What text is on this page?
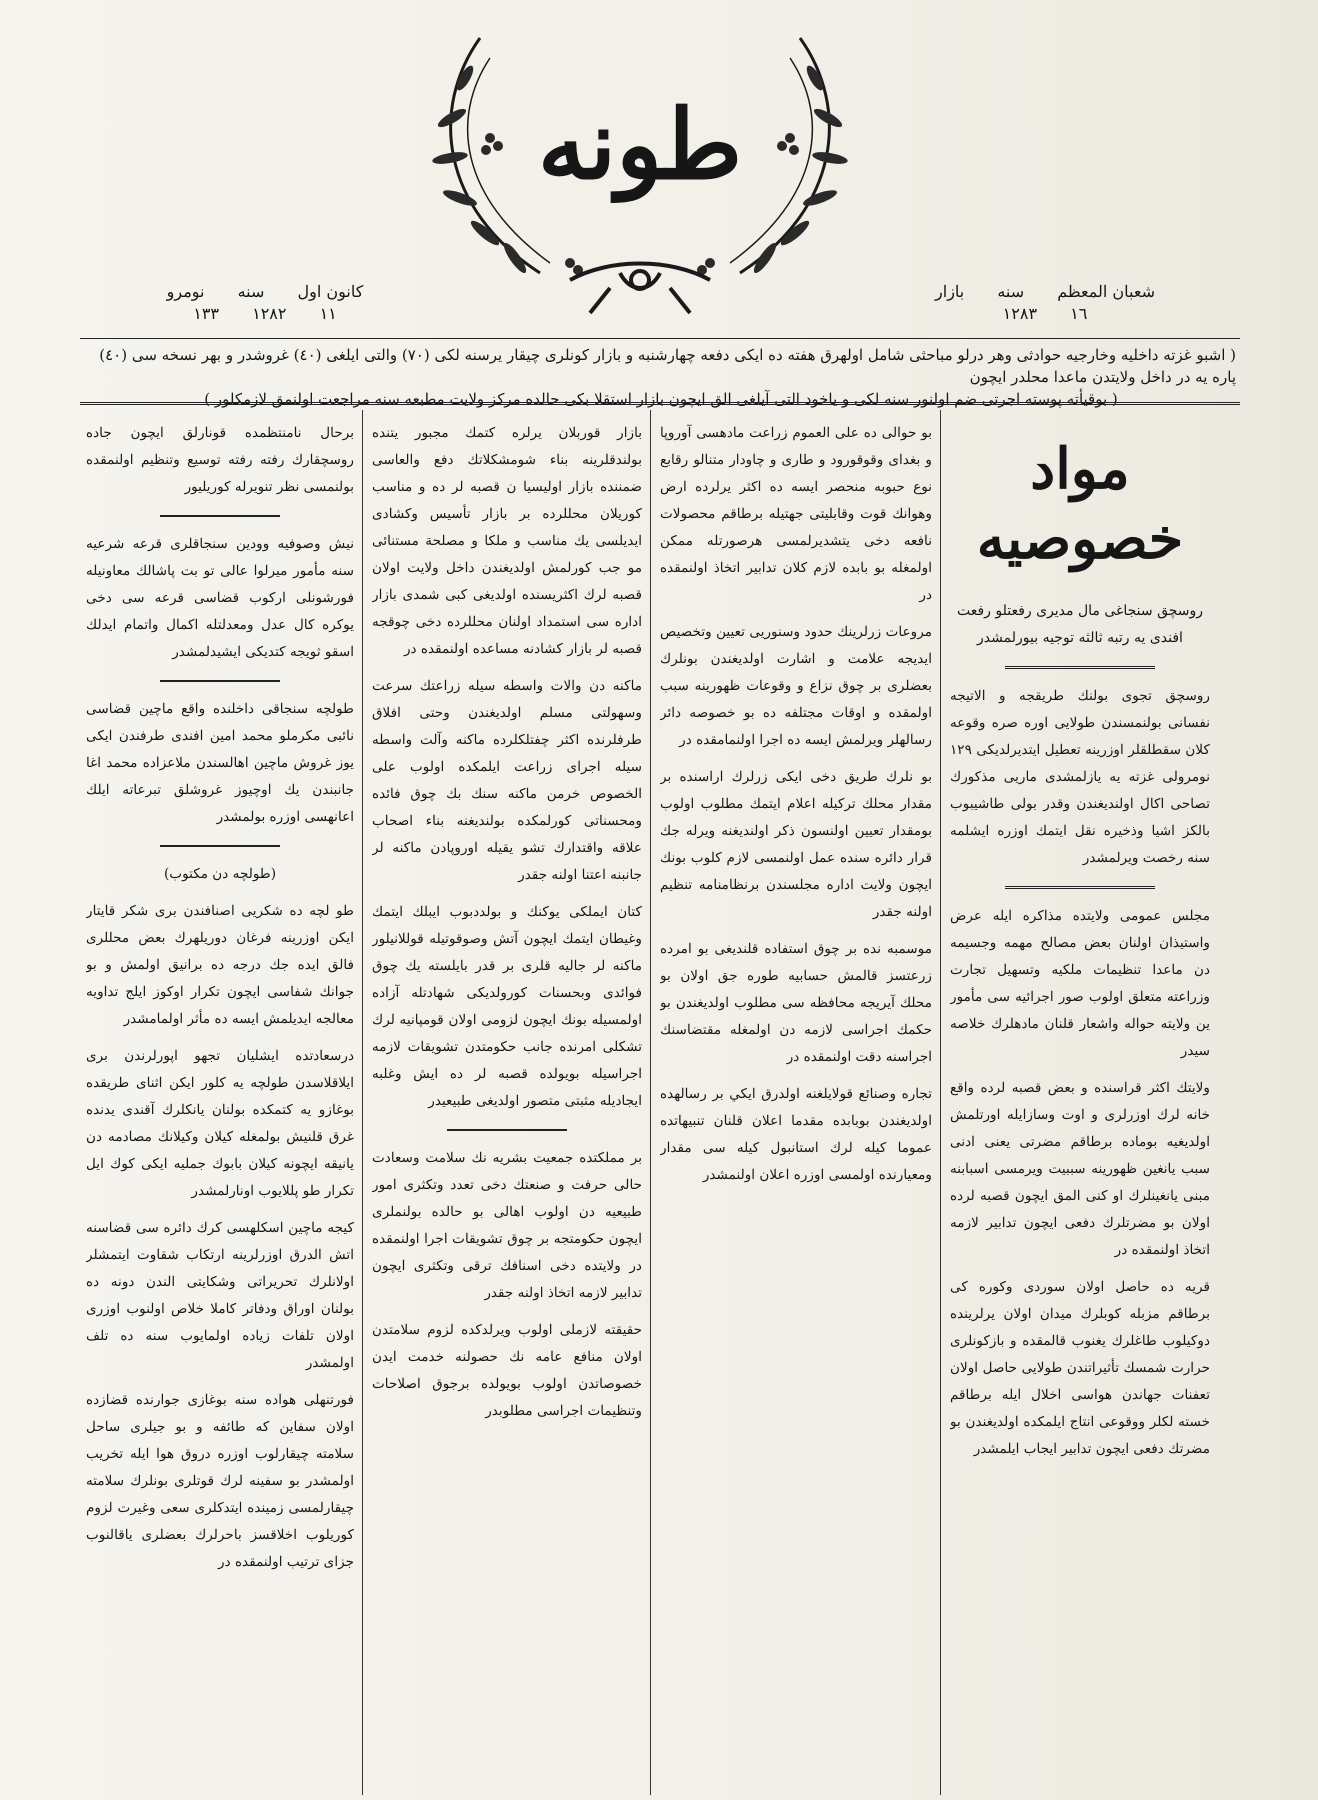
طونه
شعبان المعظم سنه بازار
١٦ ١٢٨٣
كانون اول سنه نومرو
١١ ١٢٨٢ ١٣٣
( اشبو غزته داخليه وخارجيه حوادثى وهر درلو مباحثى شامل اولهرق هفته ده ايكى دفعه چهارشنبه و بازار كونلرى چيقار يرسنه لكى (٧٠) والتى ايلغى (٤٠) غروشدر و بهر نسخه سى (٤٠) پاره يه در داخل ولايتدن ماعدا محلدر ايچون
( بوقيأته پوسته اجرتى ضم اولنور سنه لكى و ياخود التى آيلغى الق ايچون بازار استقلا بكى حالده مركز ولايت مطبعه سنه مراجعت اولنمق لازمكلور )
مواد خصوصيه
روسچق سنجاغى مال مديرى رفعتلو رفعت افندى يه رتبه ثالثه توجيه بيورلمشدر

روسچق تجوى بولنك طريقجه و الاتيجه نفسانى بولنمسندن طولايى اوره صره وقوعه كلان سقطلقلر اوزرينه تعطيل ايتديرلديكى ١٢٩ نومرولى غزته يه يازلمشدى ماريى مذكورك تصاحى اكال اولنديغندن وقدر بولى طاشيبوب بالكز اشيا وذخيره نقل ايتمك اوزره ايشلمه سنه رخصت ويرلمشدر

مجلس عمومى ولايتده مذاكره ايله عرض واستيذان اولنان بعض مصالح مهمه وجسيمه دن ماعدا تنظيمات ملكيه وتسهيل تجارت وزراعته متعلق اولوب صور اجرائيه سى مأمور ين ولايته حواله واشعار قلنان مادهلرك خلاصه سيدر

ولايتك اكثر قراسنده و بعض قصبه لرده واقع خانه لرك اوزرلرى و اوت وسازايله اورتلمش اولديغيه بوماده برطاقم مضرتى يعنى ادنى سبب يانغين ظهورينه سببيت ويرمسى اسبابنه مبنى يانغينلرك او كنى المق ايچون قصبه لرده اولان بو مضرتلرك دفعى ايچون تدابير لازمه اتخاذ اولنمقده در

قريه ده حاصل اولان سوردى وكوره كى برطاقم مزبله كوبلرك ميدان اولان يرلرينده دوكيلوب طاغلرك يغنوب قالمقده و بازكونلرى حرارت شمسك تأثيراتندن طولايى حاصل اولان تعفنات جهاندن هواسى اخلال ايله برطاقم خسته لكلر ووقوعى انتاج ايلمكده اولديغندن بو مضرتك دفعى ايچون تدابير ايجاب ايلمشدر

بو حوالى ده على العموم زراعت مادهسى آوروپا و بغداى وقوقورود و طارى و چاودار متنالو رقابع نوع حبوبه منحصر ايسه ده اكثر يرلرده ارض وهوانك قوت وقابليتى جهتيله برطاقم محصولات نافعه دخى يتشديرلمسى هرصورتله ممكن اولمغله بو بابده لازم كلان تدابير اتخاذ اولنمقده در

مروعات زرلرينك حدود وسنوريى تعيين وتخصيص ايديجه علامت و اشارت اولديغندن بونلرك بعضلرى بر چوق نزاع و وقوعات ظهورينه سبب اولمقده و اوقات مجتلفه ده بو خصوصه دائر رسالهلر ويرلمش ايسه ده اجرا اولنمامقده در

بو نلرك طريق دخى ايكى زرلرك اراسنده بر مقدار محلك تركيله اعلام ايتمك مطلوب اولوب بومقدار تعيين اولنسون ذكر اولنديغنه ويرله جك قرار دائره سنده عمل اولنمسى لازم كلوب بونك ايچون ولايت اداره مجلسندن برنظامنامه تنظيم اولنه جقدر

موسمبه نده بر چوق استفاده قلنديغى بو امرده زرعتسز قالمش حسابيه طوره جق اولان بو محلك آيريجه محافظه سى مطلوب اولديغندن بو حكمك اجراسى لازمه دن اولمغله مقتضاسنك اجراسنه دقت اولنمقده در

تجاره وصنائع قولايلغنه اولدرق ايكي بر رسالهده اولديغندن بوبابده مقدما اعلان قلنان تنبيهاتده عموما كيله لرك استانبول كيله سى مقدار ومعيارنده اولمسى اوزره اعلان اولنمشدر

بازار قوربلان يرلره كتمك مجبور يتنده بولندقلرينه بناء شومشكلاتك دفع والعاسى ضمننده بازار اوليسيا ن قصبه لر ده و مناسب كوريلان محللرده بر بازار تأسيس وكشادى ايديلسى يك مناسب و ملكا و مصلحة مستنائى مو جب كورلمش اولديغندن داخل ولايت اولان قصبه لرك اكثريسنده اولديغى كبى شمدى بازار اداره سى استمداد اولنان محللرده دخى چوقجه قصبه لر بازار كشادنه مساعده اولنمقده در

ماكنه دن والات واسطه سيله زراعتك سرعت وسهولتى مسلم اولديغندن وحتى افلاق طرفلرنده اكثر چفتلكلرده ماكنه وآلت واسطه سيله اجراى زراعت ايلمكده اولوب على الخصوص خرمن ماكنه سنك بك چوق فائده ومحسناتى كورلمكده بولنديغنه بناء اصحاب علاقه واقتدارك تشو يقيله اوروپادن ماكنه لر جانبنه اعتنا اولنه جقدر

كتان ايملكى يوكنك و بولددبوب ايبلك ايتمك وغيطان ايتمك ايچون آتش وصوقوتيله قوللانيلور ماكنه لر جاليه قلرى بر قدر بايلسته يك چوق فوائدى وبحسنات كورولديكى شهادتله آزاده اولمسيله بونك ايچون لزومى اولان قومپانيه لرك تشكلى امرنده جانب حكومتدن تشويقات لازمه اجراسيله بويولده قصبه لر ده ايش وغلبه ايجاديله مثبتى متصور اولديغى طبيعيدر

بر مملكتده جمعيت بشريه نك سلامت وسعادت حالى حرفت و صنعتك دخى تعدد وتكثرى امور طبيعيه دن اولوب اهالى بو حالده بولنملرى ايچون حكومتجه بر چوق تشويقات اجرا اولنمقده در ولايتده دخى اسنافك ترقى وتكثرى ايچون تدابير لازمه اتخاذ اولنه جقدر

حقيقته لازملى اولوب ويرلدكده لزوم سلامتدن اولان منافع عامه نك حصولنه خدمت ايدن خصوصاتدن اولوب بويولده برجوق اصلاحات وتنظيمات اجراسى مطلوبدر

برحال نامنتظمده قونارلق ايچون جاده روسچقارك رفته رفته توسيع وتنظيم اولنمقده بولنمسى نظر تنويرله كوريليور

نيش وصوفيه وودين سنجاقلرى قرعه شرعيه سنه مأمور ميرلوا عالى تو بت پاشالك معاونيله فورشونلى اركوب قضاسى قرعه سى دخى يوكره كال عدل ومعدلتله اكمال واتمام ايدلك اسقو ثويجه كتديكى ايشيدلمشدر

طولچه سنجاقى داخلنده واقع ماچين قضاسى نائبى مكرملو محمد امين افندى طرفندن ايكى يوز غروش ماچين اهالسندن ملاعزاده محمد اغا جانبندن يك اوچيوز غروشلق تبرعاته ايلك اعانهسى اوزره بولمشدر

(طولچه دن مكتوب)

طو لچه ده شكريى اصنافندن برى شكر قايتار ايكن اوزرينه فرغان دوريلهرك بعض محللرى فالق ايده جك درجه ده برانيق اولمش و بو جوانك شفاسى ايچون تكرار اوكوز ايلج تداويه معالجه ايديلمش ايسه ده مأثر اولمامشدر

درسعادتده ايشليان تجهو اپورلرندن برى ايلاقلاسدن طولچه يه كلور ايكن اثناى طريقده بوغازو يه كتمكده بولنان يانكلرك آقندى يدنده غرق قلنيش بولمغله كيلان وكيلانك مصادمه دن يانيقه ايچونه كيلان بابوك جمليه ايكى كوك ايل تكرار طو پللايوب اونارلمشدر

كيجه ماچين اسكلهسى كرك دائره سى قضاسنه اتش الدرق اوزرلرينه ارتكاب شقاوت ايتمشلر اولانلرك تحريراتى وشكايتى الندن دونه ده بولنان اوراق ودفاتر كاملا خلاص اولنوب اوزرى اولان تلفات زياده اولمايوب سنه ده تلف اولمشدر

فورتنهلى هواده سنه بوغازى جوارنده قضازده اولان سفاين كه طائفه و بو جيلرى ساحل سلامته چيقارلوب اوزره دروق هوا ايله تخريب اولمشدر بو سفينه لرك قوتلرى بونلرك سلامته چيقارلمسى زمينده ايتدكلرى سعى وغيرت لزوم كوريلوب اخلاقسز باحرلرك بعضلرى ياقالنوب جزاى ترتيب اولنمقده در
